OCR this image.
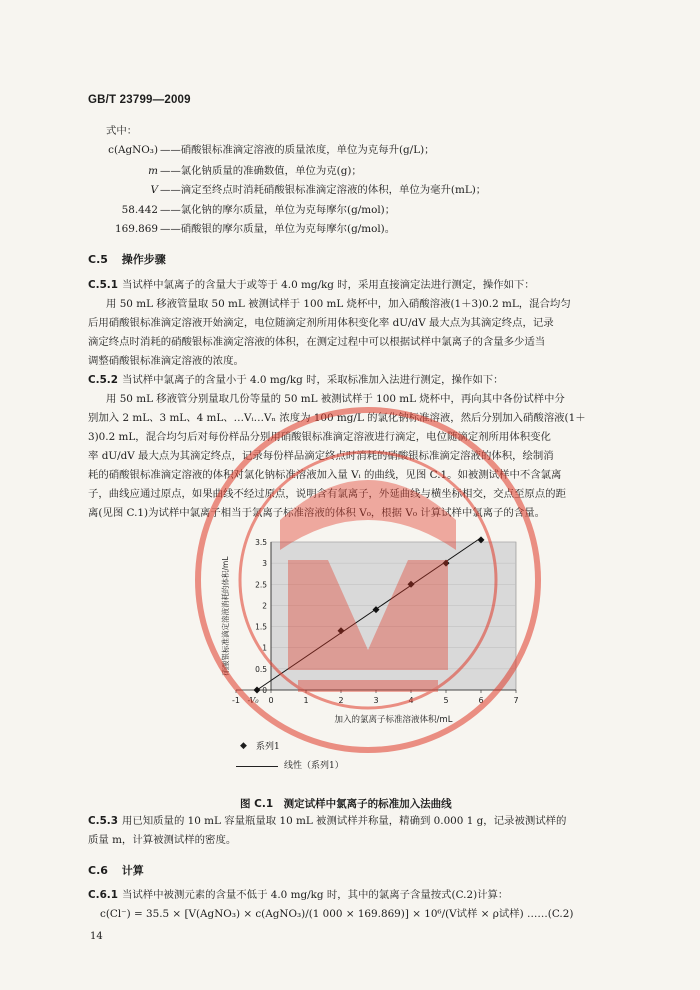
GB/T 23799—2009
式中：
c(AgNO₃) ——硝酸银标准滴定溶液的质量浓度，单位为克每升(g/L)；
m ——氯化钠质量的准确数值，单位为克(g)；
V ——滴定至终点时消耗硝酸银标准滴定溶液的体积，单位为毫升(mL)；
58.442 ——氯化钠的摩尔质量，单位为克每摩尔(g/mol)；
169.869 ——硝酸银的摩尔质量，单位为克每摩尔(g/mol)。
C.5 操作步骤
C.5.1 当试样中氯离子的含量大于或等于 4.0 mg/kg 时，采用直接滴定法进行测定，操作如下：
用 50 mL 移液管量取 50 mL 被测试样于 100 mL 烧杯中，加入硝酸溶液(1＋3)0.2 mL，混合均匀
后用硝酸银标准滴定溶液开始滴定，电位随滴定剂所用体积变化率 dU/dV 最大点为其滴定终点，记录
滴定终点时消耗的硝酸银标准滴定溶液的体积，在测定过程中可以根据试样中氯离子的含量多少适当
调整硝酸银标准滴定溶液的浓度。
C.5.2 当试样中氯离子的含量小于 4.0 mg/kg 时，采取标准加入法进行测定，操作如下：
用 50 mL 移液管分别量取几份等量的 50 mL 被测试样于 100 mL 烧杯中，再向其中各份试样中分
别加入 2 mL、3 mL、4 mL、…Vᵢ…Vₙ 浓度为 100 mg/L 的氯化钠标准溶液，然后分别加入硝酸溶液(1＋
3)0.2 mL，混合均匀后对每份样品分别用硝酸银标准滴定溶液进行滴定，电位随滴定剂所用体积变化
率 dU/dV 最大点为其滴定终点，记录每份样品滴定终点时消耗的硝酸银标准滴定溶液的体积，绘制消
耗的硝酸银标准滴定溶液的体积对氯化钠标准溶液加入量 Vᵢ 的曲线，见图 C.1。如被测试样中不含氯离
子，曲线应通过原点，如果曲线不经过原点，说明含有氯离子，外延曲线与横坐标相交，交点至原点的距
离(见图 C.1)为试样中氯离子相当于氯离子标准溶液的体积 V₀，根据 V₀ 计算试样中氯离子的含量。
-1	0	1	2	3	4	5	6	7
0
0.5
1
1.5
2
2.5
3
3.5
-V₀
加入的氯离子标准溶液体积/mL
硝酸银标准滴定溶液消耗的体积/mL
◆ 系列1
线性（系列1）
图 C.1　测定试样中氯离子的标准加入法曲线
C.5.3 用已知质量的 10 mL 容量瓶量取 10 mL 被测试样并称量，精确到 0.000 1 g，记录被测试样的
质量 m，计算被测试样的密度。
C.6 计算
C.6.1 当试样中被测元素的含量不低于 4.0 mg/kg 时，其中的氯离子含量按式(C.2)计算：
c(Cl⁻) = 35.5 × [V(AgNO₃) × c(AgNO₃)/(1 000 × 169.869)] × 10⁶/(V试样 × ρ试样) ……(C.2)
14
